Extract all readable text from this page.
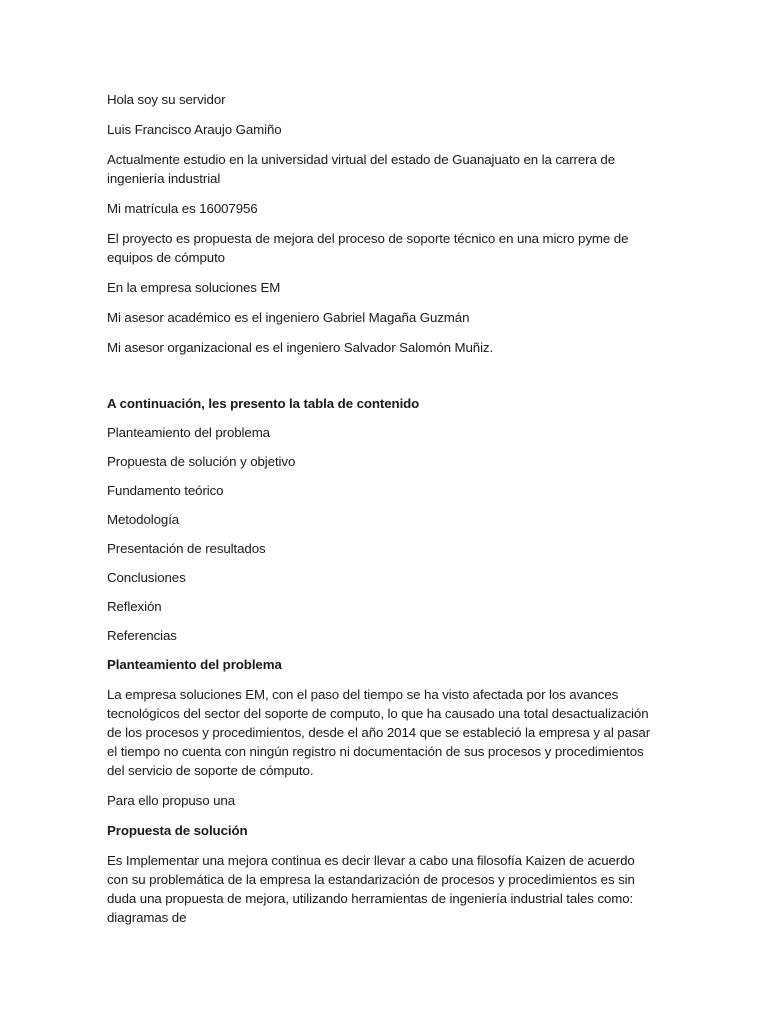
Hola soy su servidor

Luis Francisco Araujo Gamiño

Actualmente estudio en la universidad virtual del estado de Guanajuato en la carrera de ingeniería industrial

Mi matrícula es 16007956

El proyecto es propuesta de mejora del proceso de soporte técnico en una micro pyme de equipos de cómputo

En la empresa soluciones EM

Mi asesor académico es el ingeniero Gabriel Magaña Guzmán

Mi asesor organizacional es el ingeniero Salvador Salomón Muñiz.

A continuación, les presento la tabla de contenido

Planteamiento del problema

Propuesta de solución y objetivo

Fundamento teórico

Metodología

Presentación de resultados

Conclusiones

Reflexión

Referencias

Planteamiento del problema

La empresa soluciones EM, con el paso del tiempo se ha visto afectada por los avances tecnológicos del sector del soporte de computo, lo que ha causado una total desactualización de los procesos y procedimientos, desde el año 2014 que se estableció la empresa y al pasar el tiempo no cuenta con ningún registro ni documentación de sus procesos y procedimientos del servicio de soporte de cómputo.

Para ello propuso una

Propuesta de solución

Es Implementar una mejora continua es decir llevar a cabo una filosofía Kaizen de acuerdo con su problemática de la empresa la estandarización de procesos y procedimientos es sin duda una propuesta de mejora, utilizando herramientas de ingeniería industrial tales como: diagramas de
